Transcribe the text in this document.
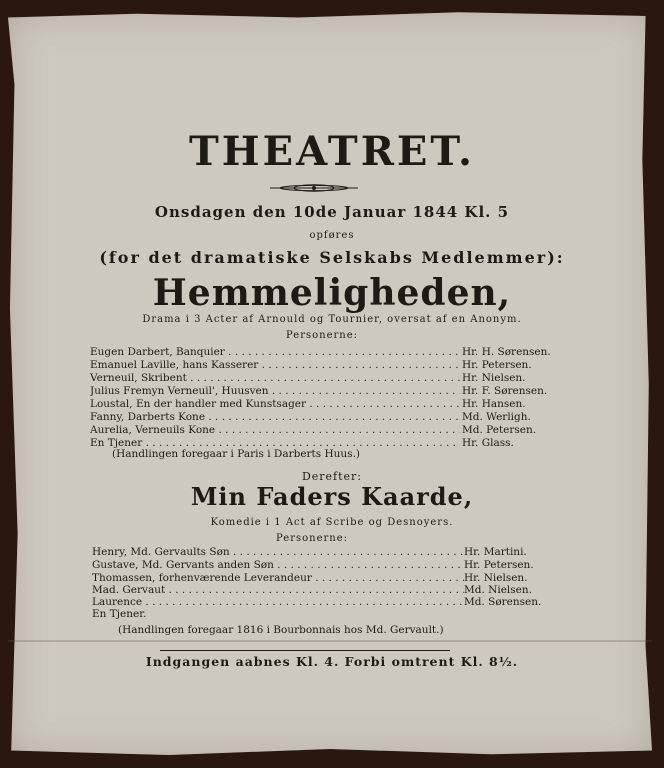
THEATRET.
Onsdagen den 10de Januar 1844 Kl. 5
opføres
(for det dramatiske Selskabs Medlemmer):
Hemmeligheden,
Drama i 3 Acter af Arnould og Tournier, oversat af en Anonym.
Personerne:
Eugen Darbert, Banquier . . .	Hr. H. Sørensen.
Emanuel Laville, hans Kasserer . . .	Hr. Petersen.
Verneuil, Skribent . . .	Hr. Nielsen.
Julius Fremyn Verneuil', Huusven . . .	Hr. F. Sørensen.
Loustal, En der handler med Kunstsager . . .	Hr. Hansen.
Fanny, Darberts Kone . . .	Md. Werligh.
Aurelia, Verneuils Kone . . .	Md. Petersen.
En Tjener . . .	Hr. Glass.
(Handlingen foregaar i Paris i Darberts Huus.)
Derefter:
Min Faders Kaarde,
Komedie i 1 Act af Scribe og Desnoyers.
Personerne:
Henry, Md. Gervaults Søn . . .	Hr. Martini.
Gustave, Md. Gervants anden Søn . . .	Hr. Petersen.
Thomassen, forhenværende Leverandeur . . .	Hr. Nielsen.
Mad. Gervaut . . .	Md. Nielsen.
Laurence . . .	Md. Sørensen.
En Tjener.
(Handlingen foregaar 1816 i Bourbonnais hos Md. Gervault.)
Indgangen aabnes Kl. 4. Forbi omtrent Kl. 8½.
